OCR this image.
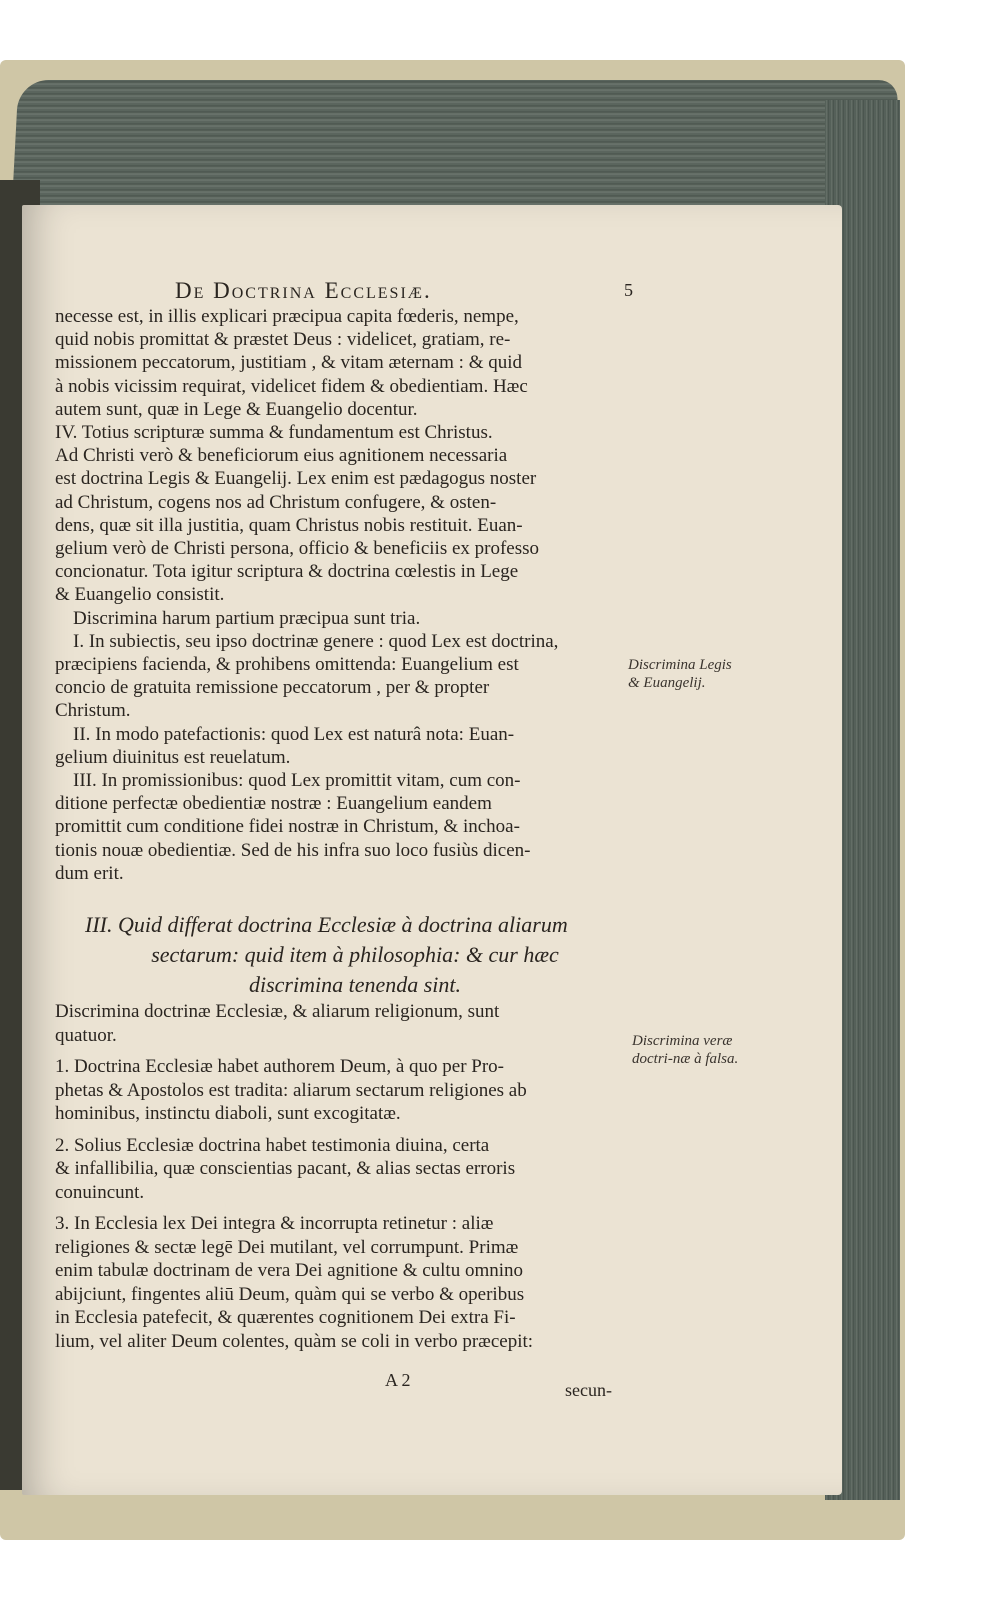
De Doctrina Ecclesiæ.	5

necesse est, in illis explicari præcipua capita fœderis, nempe,

quid nobis promittat & præstet Deus : videlicet, gratiam, re-

missionem peccatorum, justitiam , & vitam æternam : & quid

à nobis vicissim requirat, videlicet fidem & obedientiam. Hæc

autem sunt, quæ in Lege & Euangelio docentur.

IV. Totius scripturæ summa & fundamentum est Christus.

Ad Christi verò & beneficiorum eius agnitionem necessaria

est doctrina Legis & Euangelij. Lex enim est pædagogus noster

ad Christum, cogens nos ad Christum confugere, & osten-

dens, quæ sit illa justitia, quam Christus nobis restituit. Euan-

gelium verò de Christi persona, officio & beneficiis ex professo

concionatur. Tota igitur scriptura & doctrina cœlestis in Lege

& Euangelio consistit.

Discrimina harum partium præcipua sunt tria.

I. In subiectis, seu ipso doctrinæ genere : quod Lex est doctrina,

præcipiens facienda, & prohibens omittenda: Euangelium est

concio de gratuita remissione peccatorum , per & propter

Christum.

II. In modo patefactionis: quod Lex est naturâ nota: Euan-

gelium diuinitus est reuelatum.

III. In promissionibus: quod Lex promittit vitam, cum con-

ditione perfectæ obedientiæ nostræ : Euangelium eandem

promittit cum conditione fidei nostræ in Christum, & inchoa-

tionis nouæ obedientiæ. Sed de his infra suo loco fusiùs dicen-

dum erit.

III. Quid differat doctrina Ecclesiæ à doctrina aliarum
sectarum: quid item à philosophia: & cur hæc
discrimina tenenda sint.

Discrimina doctrinæ Ecclesiæ, & aliarum religionum, sunt

quatuor.

1. Doctrina Ecclesiæ habet authorem Deum, à quo per Pro-

phetas & Apostolos est tradita: aliarum sectarum religiones ab

hominibus, instinctu diaboli, sunt excogitatæ.

2. Solius Ecclesiæ doctrina habet testimonia diuina, certa

& infallibilia, quæ conscientias pacant, & alias sectas erroris

conuincunt.

3. In Ecclesia lex Dei integra & incorrupta retinetur : aliæ

religiones & sectæ legē Dei mutilant, vel corrumpunt. Primæ

enim tabulæ doctrinam de vera Dei agnitione & cultu omnino

abijciunt, fingentes aliū Deum, quàm qui se verbo & operibus

in Ecclesia patefecit, & quærentes cognitionem Dei extra Fi-

lium, vel aliter Deum colentes, quàm se coli in verbo præcepit:

Discrimina Legis & Euangelij.
Discrimina veræ doctri-næ à falsa.
A 2	secun-
